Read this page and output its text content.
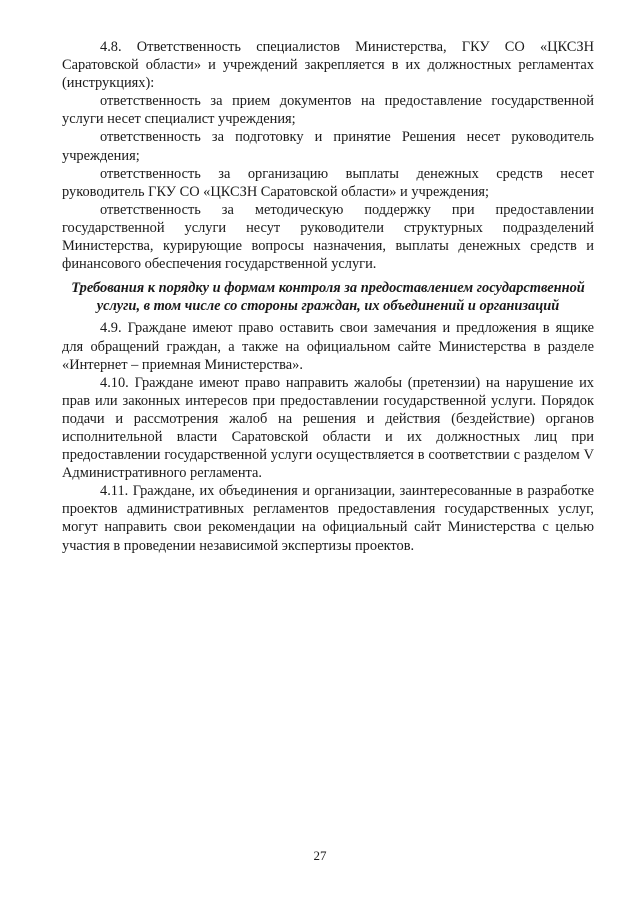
4.8. Ответственность специалистов Министерства, ГКУ СО «ЦКСЗН Саратовской области» и учреждений закрепляется в их должностных регламентах (инструкциях):

ответственность за прием документов на предоставление государственной услуги несет специалист учреждения;

ответственность за подготовку и принятие Решения несет руководитель учреждения;

ответственность за организацию выплаты денежных средств несет руководитель ГКУ СО «ЦКСЗН Саратовской области» и учреждения;

ответственность за методическую поддержку при предоставлении государственной услуги несут руководители структурных подразделений Министерства, курирующие вопросы назначения, выплаты денежных средств и финансового обеспечения государственной услуги.

Требования к порядку и формам контроля за предоставлением государственной услуги, в том числе со стороны граждан, их объединений и организаций

4.9. Граждане имеют право оставить свои замечания и предложения в ящике для обращений граждан, а также на официальном сайте Министерства в разделе «Интернет – приемная Министерства».

4.10. Граждане имеют право направить жалобы (претензии) на нарушение их прав или законных интересов при предоставлении государственной услуги. Порядок подачи и рассмотрения жалоб на решения и действия (бездействие) органов исполнительной власти Саратовской области и их должностных лиц при предоставлении государственной услуги осуществляется в соответствии с разделом V Административного регламента.

4.11. Граждане, их объединения и организации, заинтересованные в разработке проектов административных регламентов предоставления государственных услуг, могут направить свои рекомендации на официальный сайт Министерства с целью участия в проведении независимой экспертизы проектов.

27
